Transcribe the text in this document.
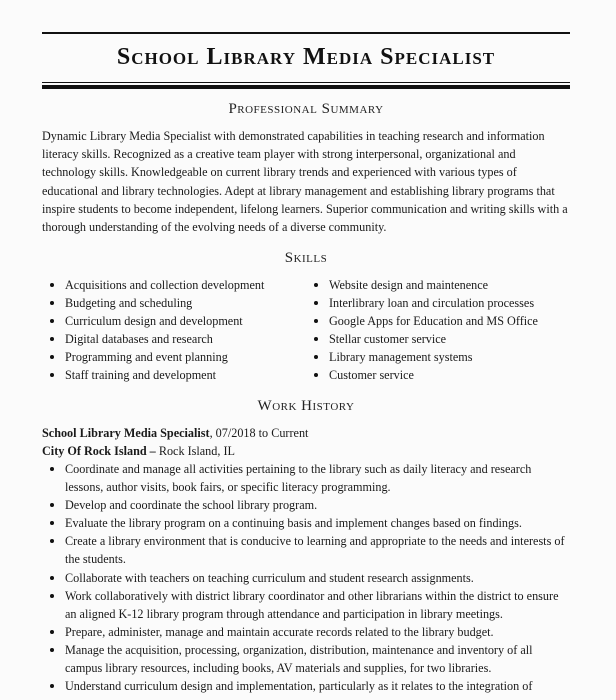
School Library Media Specialist
Professional Summary

Dynamic Library Media Specialist with demonstrated capabilities in teaching research and information literacy skills. Recognized as a creative team player with strong interpersonal, organizational and technology skills. Knowledgeable on current library trends and experienced with various types of educational and library technologies. Adept at library management and establishing library programs that inspire students to become independent, lifelong learners. Superior communication and writing skills with a thorough understanding of the evolving needs of a diverse community.

Skills
Acquisitions and collection development
Budgeting and scheduling
Curriculum design and development
Digital databases and research
Programming and event planning
Staff training and development
Website design and maintenence
Interlibrary loan and circulation processes
Google Apps for Education and MS Office
Stellar customer service
Library management systems
Customer service
Work History
School Library Media Specialist, 07/2018 to Current
City Of Rock Island – Rock Island, IL
Coordinate and manage all activities pertaining to the library such as daily literacy and research lessons, author visits, book fairs, or specific literacy programming.
Develop and coordinate the school library program.
Evaluate the library program on a continuing basis and implement changes based on findings.
Create a library environment that is conducive to learning and appropriate to the needs and interests of the students.
Collaborate with teachers on teaching curriculum and student research assignments.
Work collaboratively with district library coordinator and other librarians within the district to ensure an aligned K-12 library program through attendance and participation in library meetings.
Prepare, administer, manage and maintain accurate records related to the library budget.
Manage the acquisition, processing, organization, distribution, maintenance and inventory of all campus library resources, including books, AV materials and supplies, for two libraries.
Understand curriculum design and implementation, particularly as it relates to the integration of
